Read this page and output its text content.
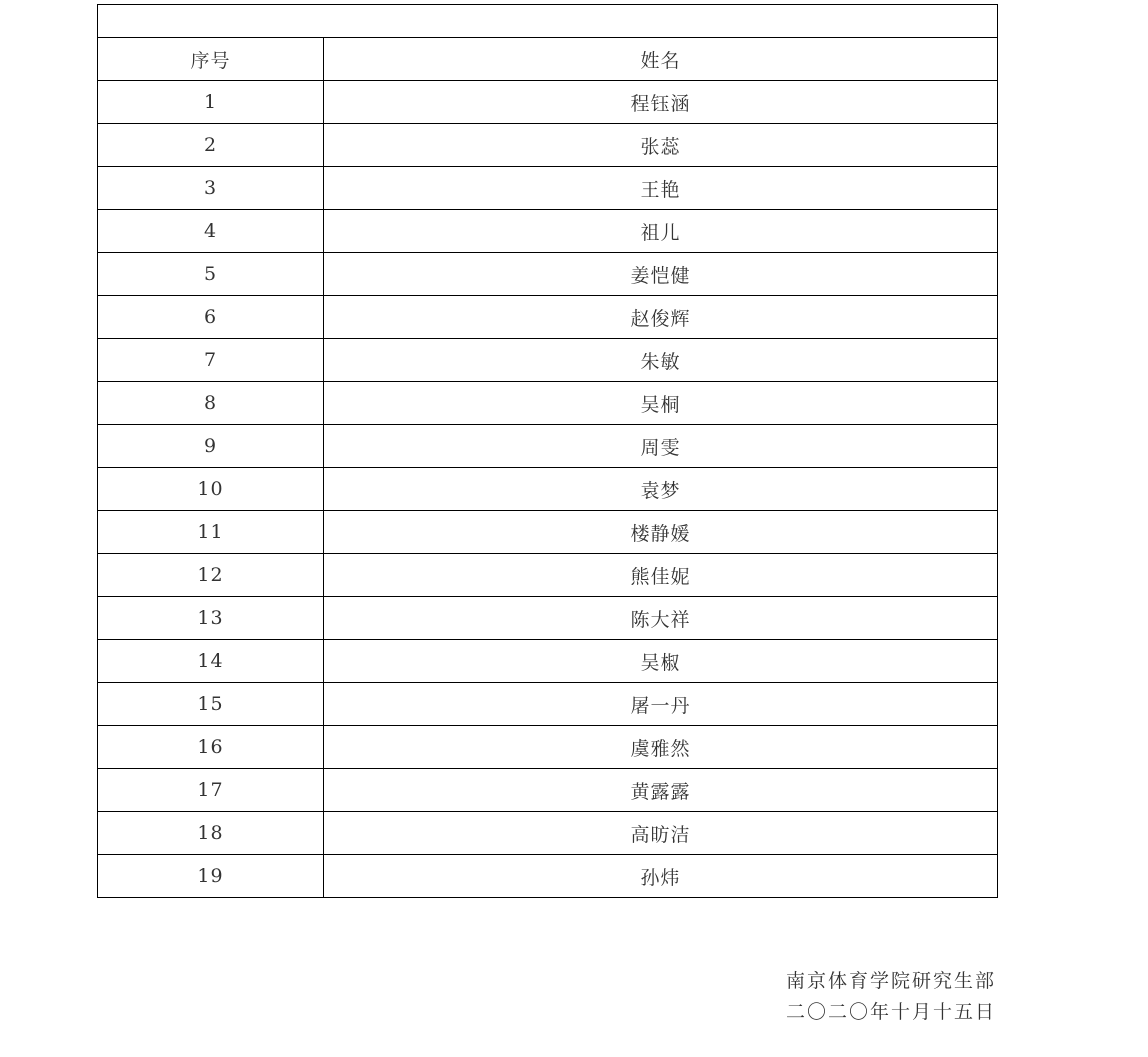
序号	姓名
1	程钰涵
2	张蕊
3	王艳
4	祖儿
5	姜恺健
6	赵俊辉
7	朱敏
8	吴桐
9	周雯
10	袁梦
11	楼静媛
12	熊佳妮
13	陈大祥
14	吴椒
15	屠一丹
16	虞雅然
17	黄露露
18	高昉洁
19	孙炜
南京体育学院研究生部
二〇二〇年十月十五日
